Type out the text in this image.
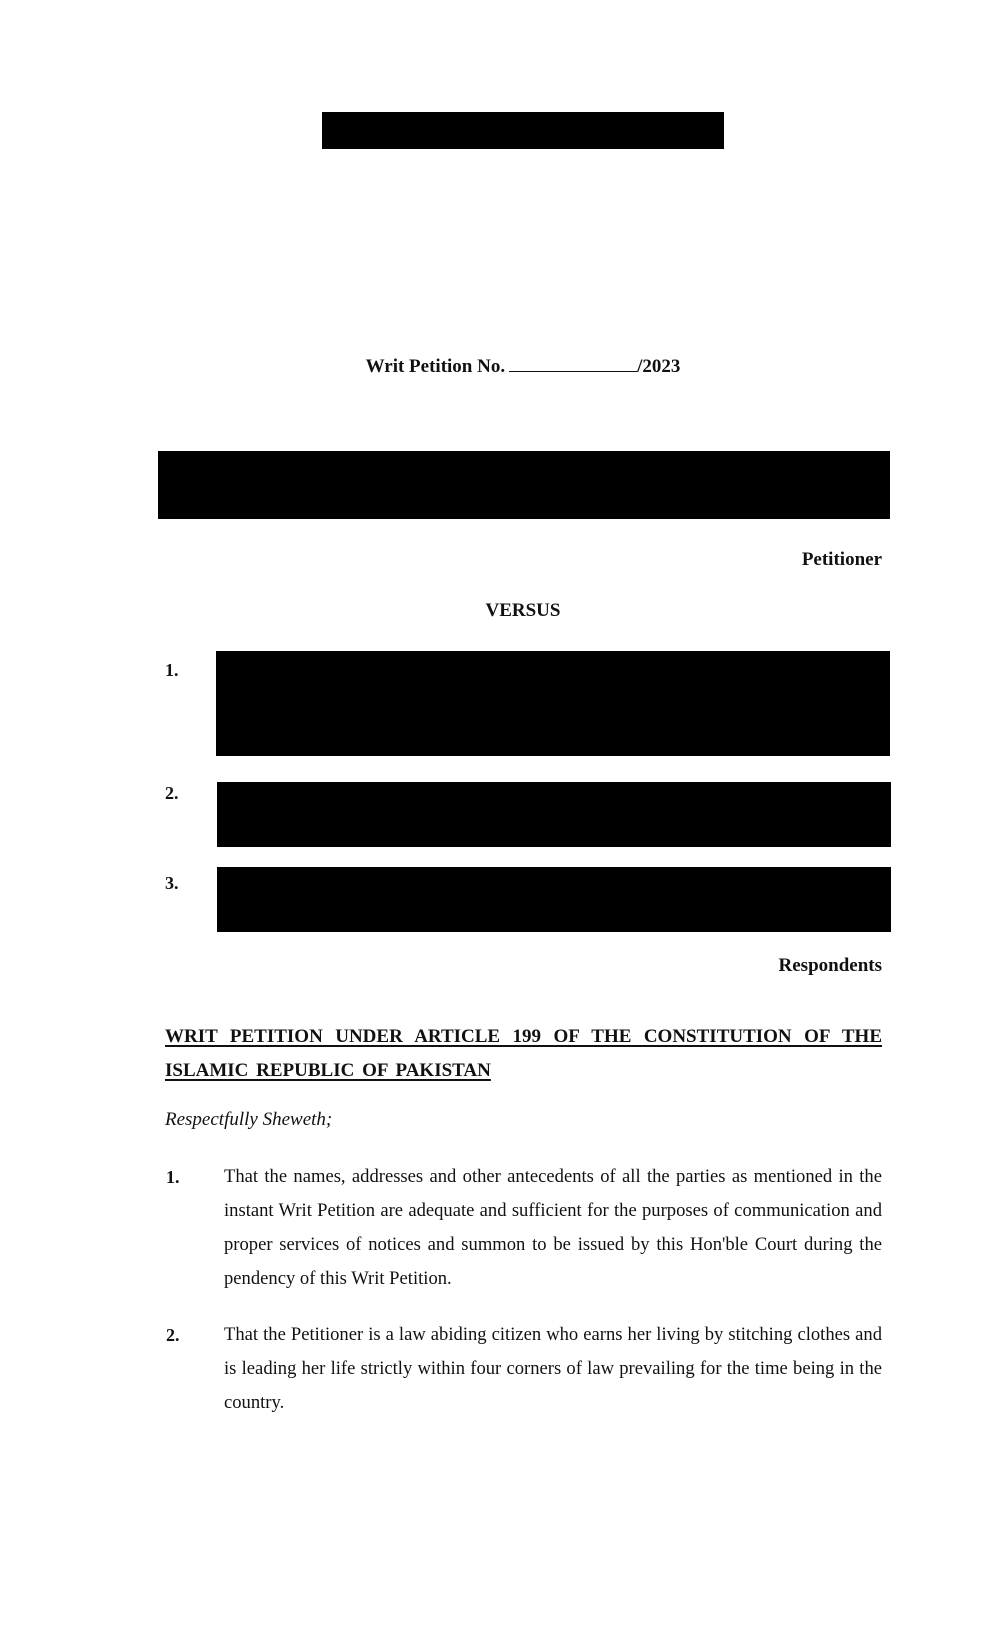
Writ Petition No.	/2023
Petitioner
VERSUS
1.
2.
3.
Respondents
WRIT PETITION UNDER ARTICLE 199 OF THE CONSTITUTION OF THE ISLAMIC REPUBLIC OF PAKISTAN
Respectfully Sheweth;
1. That the names, addresses and other antecedents of all the parties as mentioned in the instant Writ Petition are adequate and sufficient for the purposes of communication and proper services of notices and summon to be issued by this Hon'ble Court during the pendency of this Writ Petition.
2. That the Petitioner is a law abiding citizen who earns her living by stitching clothes and is leading her life strictly within four corners of law prevailing for the time being in the country.
